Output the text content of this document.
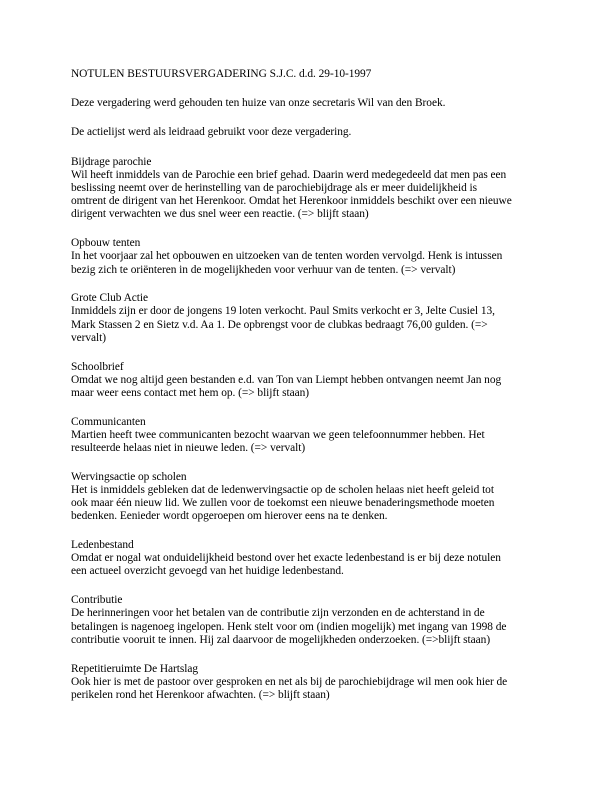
NOTULEN BESTUURSVERGADERING S.J.C. d.d. 29-10-1997
Deze vergadering werd gehouden ten huize van onze secretaris Wil van den Broek.
De actielijst werd als leidraad gebruikt voor deze vergadering.
Bijdrage parochie
Wil heeft inmiddels van de Parochie een brief gehad. Daarin werd medegedeeld dat men pas een
beslissing neemt over de herinstelling van de parochiebijdrage als er meer duidelijkheid is
omtrent de dirigent van het Herenkoor. Omdat het Herenkoor inmiddels beschikt over een nieuwe
dirigent verwachten we dus snel weer een reactie. (=> blijft staan)
Opbouw tenten
In het voorjaar zal het opbouwen en uitzoeken van de tenten worden vervolgd. Henk is intussen
bezig zich te oriënteren in de mogelijkheden voor verhuur van de tenten. (=> vervalt)
Grote Club Actie
Inmiddels zijn er door de jongens 19 loten verkocht. Paul Smits verkocht er 3, Jelte Cusiel 13,
Mark Stassen 2 en Sietz v.d. Aa 1. De opbrengst voor de clubkas bedraagt 76,00 gulden. (=>
vervalt)
Schoolbrief
Omdat we nog altijd geen bestanden e.d. van Ton van Liempt hebben ontvangen neemt Jan nog
maar weer eens contact met hem op. (=> blijft staan)
Communicanten
Martien heeft twee communicanten bezocht waarvan we geen telefoonnummer hebben. Het
resulteerde helaas niet in nieuwe leden. (=> vervalt)
Wervingsactie op scholen
Het is inmiddels gebleken dat de ledenwervingsactie op de scholen helaas niet heeft geleid tot
ook maar één nieuw lid. We zullen voor de toekomst een nieuwe benaderingsmethode moeten
bedenken. Eenieder wordt opgeroepen om hierover eens na te denken.
Ledenbestand
Omdat er nogal wat onduidelijkheid bestond over het exacte ledenbestand is er bij deze notulen
een actueel overzicht gevoegd van het huidige ledenbestand.
Contributie
De herinneringen voor het betalen van de contributie zijn verzonden en de achterstand in de
betalingen is nagenoeg ingelopen. Henk stelt voor om (indien mogelijk) met ingang van 1998 de
contributie vooruit te innen. Hij zal daarvoor de mogelijkheden onderzoeken. (=>blijft staan)
Repetitieruimte De Hartslag
Ook hier is met de pastoor over gesproken en net als bij de parochiebijdrage wil men ook hier de
perikelen rond het Herenkoor afwachten. (=> blijft staan)
